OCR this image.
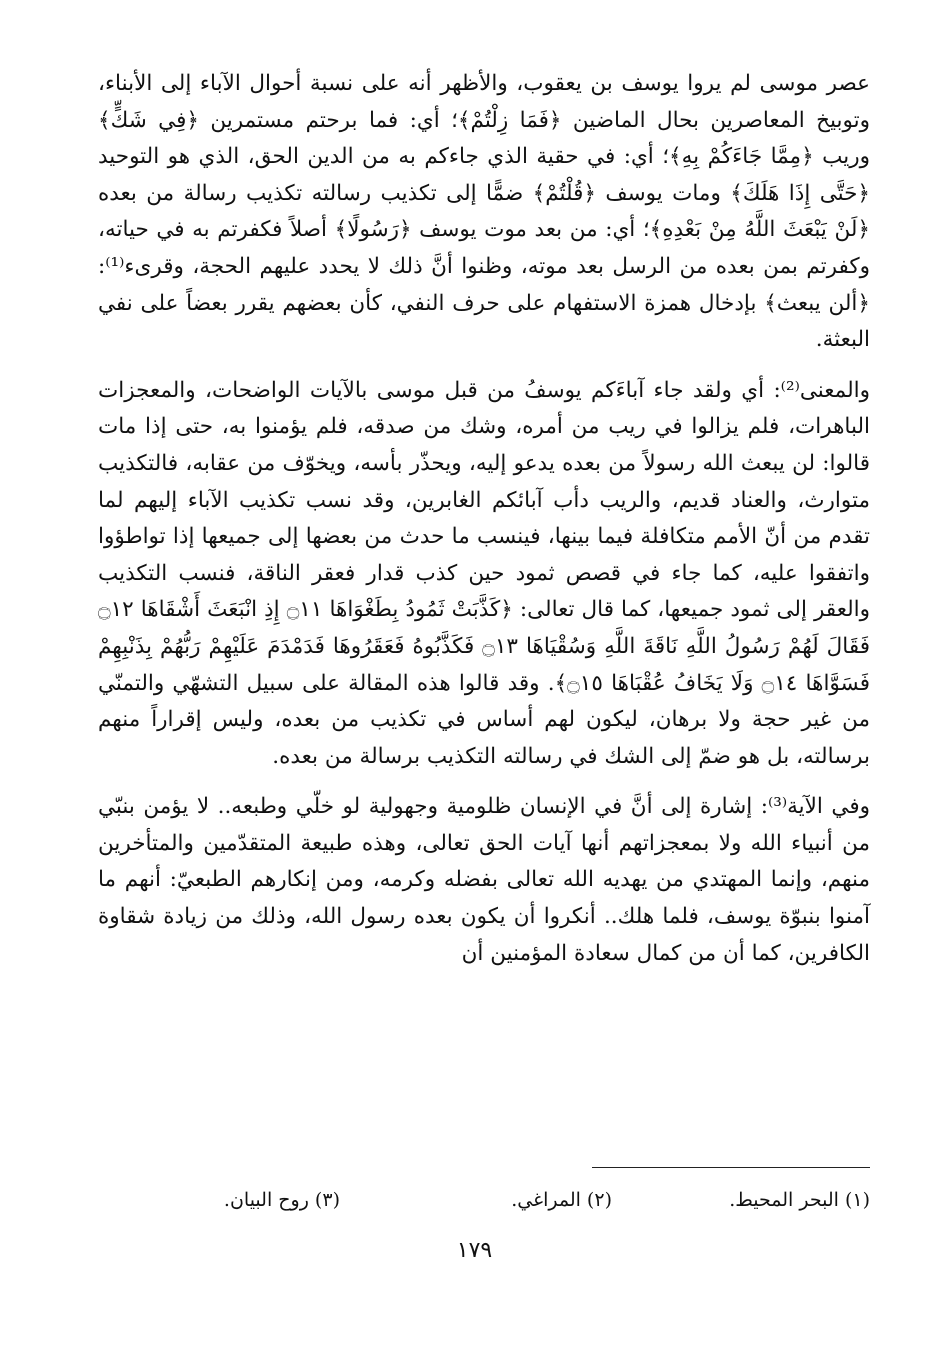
عصر موسى لم يروا يوسف بن يعقوب، والأظهر أنه على نسبة أحوال الآباء إلى الأبناء، وتوبيخ المعاصرين بحال الماضين ﴿فَمَا زِلْتُمْ﴾؛ أي: فما برحتم مستمرين ﴿فِي شَكٍّ﴾ وريب ﴿مِمَّا جَاءَكُمْ بِهِ﴾؛ أي: في حقية الذي جاءكم به من الدين الحق، الذي هو التوحيد ﴿حَتَّى إِذَا هَلَكَ﴾ ومات يوسف ﴿قُلْتُمْ﴾ ضمًّا إلى تكذيب رسالته تكذيب رسالة من بعده ﴿لَنْ يَبْعَثَ اللَّهُ مِنْ بَعْدِهِ﴾؛ أي: من بعد موت يوسف ﴿رَسُولًا﴾ أصلاً فكفرتم به في حياته، وكفرتم بمن بعده من الرسل بعد موته، وظنوا أنَّ ذلك لا يحدد عليهم الحجة، وقرىء⁽¹⁾: ﴿ألن يبعث﴾ بإدخال همزة الاستفهام على حرف النفي، كأن بعضهم يقرر بعضاً على نفي البعثة.

والمعنى⁽²⁾: أي ولقد جاء آباءَكم يوسفُ من قبل موسى بالآيات الواضحات، والمعجزات الباهرات، فلم يزالوا في ريب من أمره، وشك من صدقه، فلم يؤمنوا به، حتى إذا مات قالوا: لن يبعث الله رسولاً من بعده يدعو إليه، ويحذّر بأسه، ويخوّف من عقابه، فالتكذيب متوارث، والعناد قديم، والريب دأب آبائكم الغابرين، وقد نسب تكذيب الآباء إليهم لما تقدم من أنّ الأمم متكافلة فيما بينها، فينسب ما حدث من بعضها إلى جميعها إذا تواطؤوا واتفقوا عليه، كما جاء في قصص ثمود حين كذب قدار فعقر الناقة، فنسب التكذيب والعقر إلى ثمود جميعها، كما قال تعالى: ﴿كَذَّبَتْ ثَمُودُ بِطَغْوَاهَا ۝١١ إِذِ انْبَعَثَ أَشْقَاهَا ۝١٢ فَقَالَ لَهُمْ رَسُولُ اللَّهِ نَاقَةَ اللَّهِ وَسُقْيَاهَا ۝١٣ فَكَذَّبُوهُ فَعَقَرُوهَا فَدَمْدَمَ عَلَيْهِمْ رَبُّهُمْ بِذَنْبِهِمْ فَسَوَّاهَا ۝١٤ وَلَا يَخَافُ عُقْبَاهَا ۝١٥﴾. وقد قالوا هذه المقالة على سبيل التشهّي والتمنّي من غير حجة ولا برهان، ليكون لهم أساس في تكذيب من بعده، وليس إقراراً منهم برسالته، بل هو ضمّ إلى الشك في رسالته التكذيب برسالة من بعده.

وفي الآية⁽³⁾: إشارة إلى أنَّ في الإنسان ظلومية وجهولية لو خلّي وطبعه.. لا يؤمن بنبّي من أنبياء الله ولا بمعجزاتهم أنها آيات الحق تعالى، وهذه طبيعة المتقدّمين والمتأخرين منهم، وإنما المهتدي من يهديه الله تعالى بفضله وكرمه، ومن إنكارهم الطبعيّ: أنهم ما آمنوا بنبوّة يوسف، فلما هلك.. أنكروا أن يكون بعده رسول الله، وذلك من زيادة شقاوة الكافرين، كما أن من كمال سعادة المؤمنين أن

(١) البحر المحيط.
(٢) المراغي.
(٣) روح البيان.
١٧٩
